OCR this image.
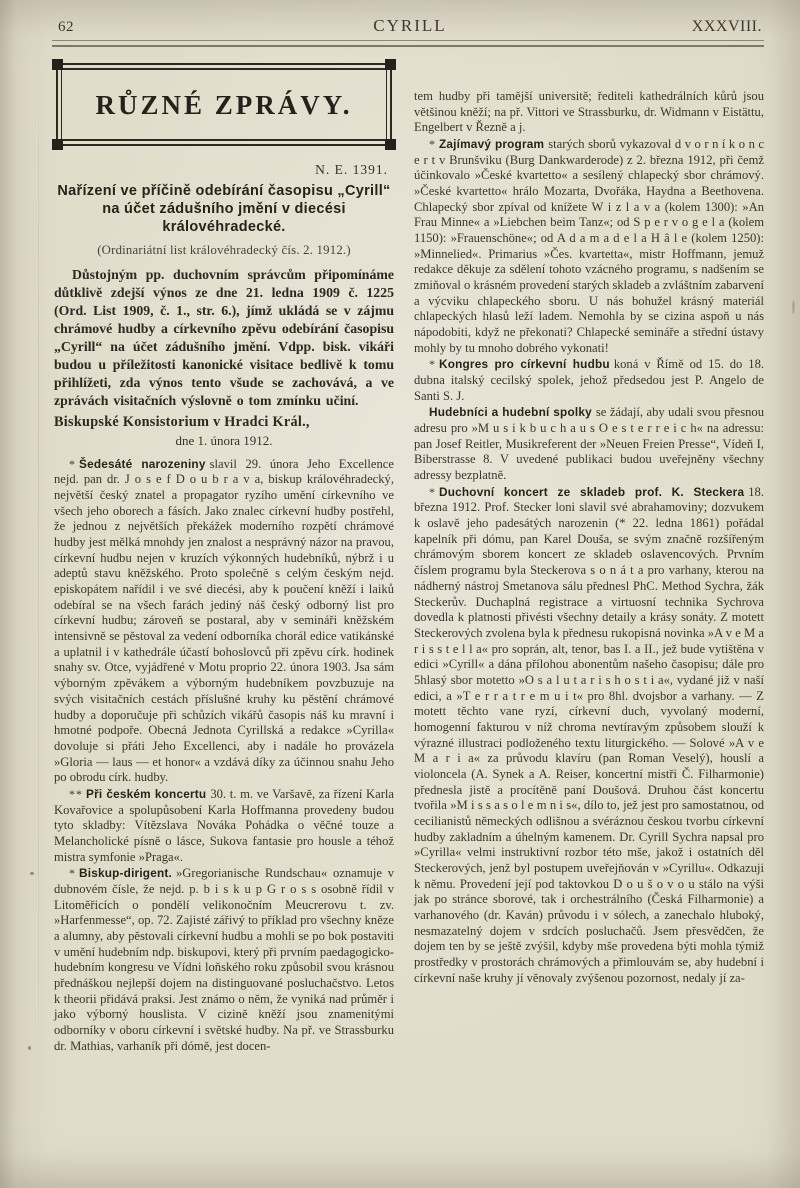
62	CYRILL	XXXVIII.
RŮZNÉ ZPRÁVY.
N. E. 1391.
Nařízení ve příčině odebírání časopisu „Cyrill“ na účet zádušního jmění v diecési královéhradecké.
(Ordinariátní list královéhradecký čís. 2. 1912.)

Důstojným pp. duchovním správcům připomínáme důtklivě zdejší výnos ze dne 21. ledna 1909 č. 1225 (Ord. List 1909, č. 1., str. 6.), jímž ukládá se v zájmu chrámové hudby a církevního zpěvu odebírání časopisu „Cyrill“ na účet zádušního jmění. Vdpp. bisk. vikáři budou u příležitosti kanonické visitace bedlivě k tomu přihlížeti, zda výnos tento všude se zachovává, a ve zprávách visitačních výslovně o tom zmínku učiní.

Biskupské Konsistorium v Hradci Král.,
dne 1. února 1912.

* Šedesáté narozeniny slavil 29. února Jeho Excellence nejd. pan dr. J o s e f D o u b r a v a, biskup královéhradecký, největší český znatel a propagator ryzího umění církevního ve všech jeho oborech a fásích. Jako znalec církevní hudby postřehl, že jednou z největších překážek moderního rozpětí chrámové hudby jest mělká mnohdy jen znalost a nesprávný názor na pravou, církevní hudbu nejen v kruzích výkonných hudebníků, nýbrž i u adeptů stavu kněžského. Proto společně s celým českým nejd. episkopátem nařídil i ve své diecési, aby k poučení kněží i laiků odebíral se na všech farách jediný náš český odborný list pro církevní hudbu; zároveň se postaral, aby v semináři kněžském intensivně se pěstoval za vedení odborníka chorál edice vatikánské a uplatnil i v kathedrále účastí bohoslovců při zpěvu círk. hodinek snahy sv. Otce, vyjádřené v Motu proprio 22. února 1903. Jsa sám výborným zpěvákem a výborným hudebníkem povzbuzuje na svých visitačních cestách příslušné kruhy ku pěstění chrámové hudby a doporučuje při schůzích vikářů časopis náš ku mravní i hmotné podpoře. Obecná Jednota Cyrillská a redakce »Cyrilla« dovoluje si přáti Jeho Excellenci, aby i nadále ho provázela »Gloria — laus — et honor« a vzdává díky za účinnou snahu Jeho po obrodu círk. hudby.

** Při českém koncertu 30. t. m. ve Varšavě, za řízení Karla Kovařovice a spolupůsobení Karla Hoffmanna provedeny budou tyto skladby: Vítězslava Nováka Pohádka o věčné touze a Melancholické písně o lásce, Sukova fantasie pro housle a téhož mistra symfonie »Praga«.

* Biskup-dirigent. »Gregorianische Rundschau« oznamuje v dubnovém čísle, že nejd. p. b i s k u p G r o s s osobně řídil v Litoměřicích o pondělí velikonočním Meucrerovu t. zv. »Harfenmesse“, op. 72. Zajisté zářivý to příklad pro všechny kněze a alumny, aby pěstovali církevní hudbu a mohli se po bok postaviti v umění hudebním ndp. biskupovi, který při prvním paedagogicko-hudebním kongresu ve Vídni loňského roku způsobil svou krásnou přednáškou nejlepší dojem na distinguované posluchačstvo. Letos k theorii přidává praksi. Jest známo o něm, že vyniká nad průměr i jako výborný houslista. V cizině kněží jsou znamenitými odborníky v oboru církevní i světské hudby. Na př. ve Strassburku dr. Mathias, varhaník při dómě, jest docen-

tem hudby při tamější universitě; řediteli kathedrálních kůrů jsou většinou kněží; na př. Vittori ve Strassburku, dr. Widmann v Eistättu, Engelbert v Řezně a j.

* Zajímavý program starých sborů vykazoval d v o r n í k o n c e r t v Brunšviku (Burg Dankwarderode) z 2. března 1912, při čemž účinkovalo »České kvartetto« a sesílený chlapecký sbor chrámový. »České kvartetto« hrálo Mozarta, Dvořáka, Haydna a Beethovena. Chlapecký sbor zpíval od knížete W i z l a v a (kolem 1300): »An Frau Minne« a »Liebchen beim Tanz«; od S p e r v o g e l a (kolem 1150): »Frauenschöne«; od A d a m a d e l a H â l e (kolem 1250): »Minnelied«. Primarius »Čes. kvartetta«, mistr Hoffmann, jemuž redakce děkuje za sdělení tohoto vzácného programu, s nadšením se zmiňoval o krásném provedení starých skladeb a zvláštním zabarvení a výcviku chlapeckého sboru. U nás bohužel krásný materiál chlapeckých hlasů leží ladem. Nemohla by se cizina aspoň u nás nápodobiti, když ne překonati? Chlapecké semináře a střední ústavy mohly by tu mnoho dobrého vykonati!

* Kongres pro církevní hudbu koná v Římě od 15. do 18. dubna italský cecilský spolek, jehož předsedou jest P. Angelo de Santi S. J.

Hudebníci a hudební spolky se žádají, aby udali svou přesnou adresu pro »M u s i k b u c h a u s O e s t e r r e i c h« na adressu: pan Josef Reitler, Musikreferent der »Neuen Freien Presse“, Vídeň I, Biberstrasse 8. V uvedené publikaci budou uveřejněny všechny adressy bezplatně.

* Duchovní koncert ze skladeb prof. K. Steckera 18. března 1912. Prof. Stecker loni slavil své abrahamoviny; dozvukem k oslavě jeho padesátých narozenin (* 22. ledna 1861) pořádal kapelník při dómu, pan Karel Douša, se svým značně rozšířeným chrámovým sborem koncert ze skladeb oslavencových. Prvním číslem programu byla Steckerova s o n á t a pro varhany, kterou na nádherný nástroj Smetanova sálu přednesl PhC. Method Sychra, žák Steckerův. Duchaplná registrace a virtuosní technika Sychrova dovedla k platnosti přivésti všechny detaily a krásy sonáty. Z motett Steckerových zvolena byla k přednesu rukopisná novinka »A v e M a r i s s t e l l a« pro soprán, alt, tenor, bas I. a II., jež bude vytištěna v edici »Cyrill« a dána přílohou abonentům našeho časopisu; dále pro 5hlasý sbor motetto »O s a l u t a r i s h o s t i a«, vydané již v naší edici, a »T e r r a t r e m u i t« pro 8hl. dvojsbor a varhany. — Z motett těchto vane ryzí, církevní duch, vyvolaný moderní, homogenní fakturou v níž chroma nevtíravým způsobem slouží k výrazné illustraci podloženého textu liturgického. — Solové »A v e M a r i a« za průvodu klavíru (pan Roman Veselý), houslí a violoncela (A. Synek a A. Reiser, koncertní mistři Č. Filharmonie) přednesla jistě a procítěně paní Doušová. Druhou část koncertu tvořila »M i s s a s o l e m n i s«, dílo to, jež jest pro samostatnou, od cecilianistů německých odlišnou a svéráznou českou tvorbu církevní hudby zakladním a úhelným kamenem. Dr. Cyrill Sychra napsal pro »Cyrilla« velmi instruktivní rozbor této mše, jakož i ostatních děl Steckerových, jenž byl postupem uveřejňován v »Cyrillu«. Odkazuji k němu. Provedení její pod taktovkou D o u š o v o u stálo na výši jak po stránce sborové, tak i orchestrálního (Česká Filharmonie) a varhanového (dr. Kaván) průvodu i v sólech, a zanechalo hluboký, nesmazatelný dojem v srdcích posluchačů. Jsem přesvědčen, že dojem ten by se ještě zvýšil, kdyby mše provedena býti mohla týmiž prostředky v prostorách chrámových a přimlouvám se, aby hudební i církevní naše kruhy jí věnovaly zvýšenou pozornost, nedaly jí za-
